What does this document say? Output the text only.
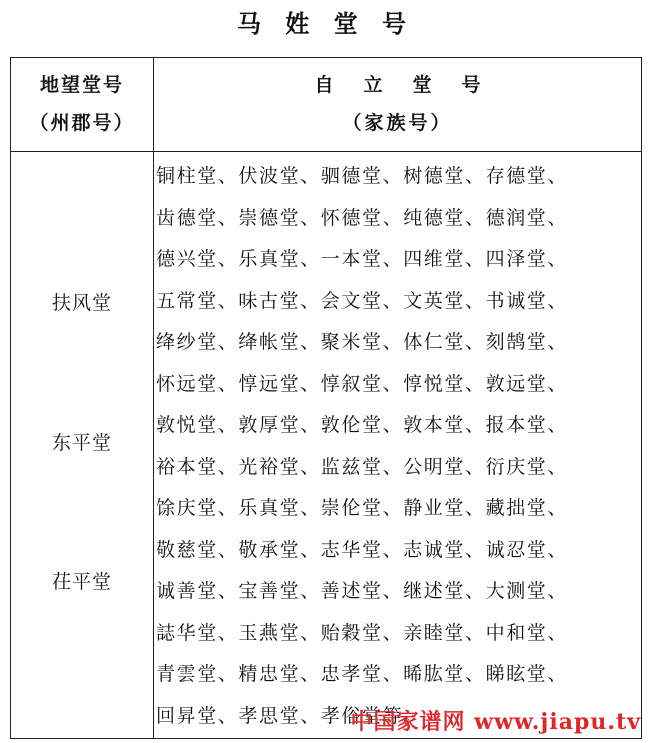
马 姓 堂 号
地望堂号
（州郡号）
自立堂号
（家族号）
扶风堂
东平堂
茌平堂
铜柱堂、伏波堂、驷德堂、树德堂、存德堂、
齿德堂、崇德堂、怀德堂、纯德堂、德润堂、
德兴堂、乐真堂、一本堂、四维堂、四泽堂、
五常堂、味古堂、会文堂、文英堂、书诚堂、
绛纱堂、绛帐堂、聚米堂、体仁堂、刻鹄堂、
怀远堂、惇远堂、惇叙堂、惇悦堂、敦远堂、
敦悦堂、敦厚堂、敦伦堂、敦本堂、报本堂、
裕本堂、光裕堂、监兹堂、公明堂、衍庆堂、
馀庆堂、乐真堂、崇伦堂、静业堂、藏拙堂、
敬慈堂、敬承堂、志华堂、志诚堂、诚忍堂、
诚善堂、宝善堂、善述堂、继述堂、大测堂、
誌华堂、玉燕堂、贻穀堂、亲睦堂、中和堂、
青雲堂、精忠堂、忠孝堂、晞肱堂、睇眩堂、
回昇堂、孝思堂、孝俗堂等。
中国家谱网 www.jiapu.tv
